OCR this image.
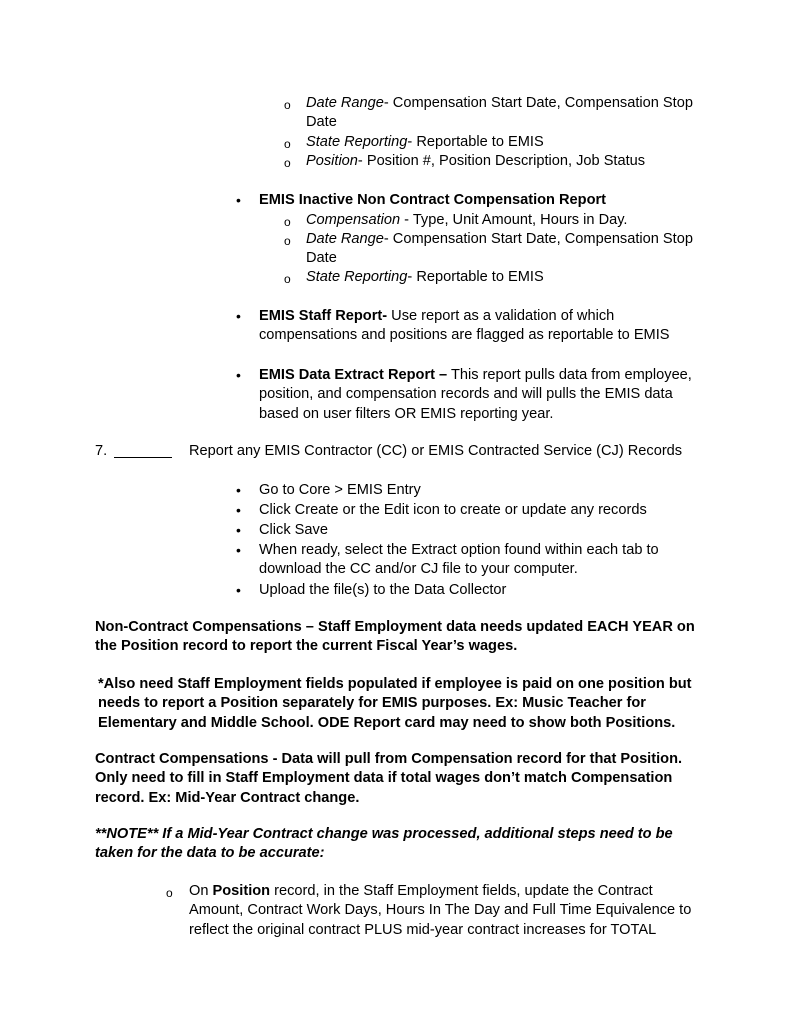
o Date Range- Compensation Start Date, Compensation Stop Date
o State Reporting- Reportable to EMIS
o Position- Position #, Position Description, Job Status
• EMIS Inactive Non Contract Compensation Report
o Compensation - Type, Unit Amount, Hours in Day.
o Date Range- Compensation Start Date, Compensation Stop Date
o State Reporting- Reportable to EMIS
• EMIS Staff Report- Use report as a validation of which compensations and positions are flagged as reportable to EMIS
• EMIS Data Extract Report – This report pulls data from employee, position, and compensation records and will pulls the EMIS data based on user filters OR EMIS reporting year.
7.	Report any EMIS Contractor (CC) or EMIS Contracted Service (CJ) Records
• Go to Core > EMIS Entry
• Click Create or the Edit icon to create or update any records
• Click Save
• When ready, select the Extract option found within each tab to download the CC and/or CJ file to your computer.
• Upload the file(s) to the Data Collector
Non-Contract Compensations – Staff Employment data needs updated EACH YEAR on the Position record to report the current Fiscal Year’s wages.
*Also need Staff Employment fields populated if employee is paid on one position but needs to report a Position separately for EMIS purposes. Ex: Music Teacher for Elementary and Middle School. ODE Report card may need to show both Positions.
Contract Compensations - Data will pull from Compensation record for that Position. Only need to fill in Staff Employment data if total wages don’t match Compensation record. Ex: Mid-Year Contract change.
**NOTE** If a Mid-Year Contract change was processed, additional steps need to be taken for the data to be accurate:
o On Position record, in the Staff Employment fields, update the Contract Amount, Contract Work Days, Hours In The Day and Full Time Equivalence to reflect the original contract PLUS mid-year contract increases for TOTAL
